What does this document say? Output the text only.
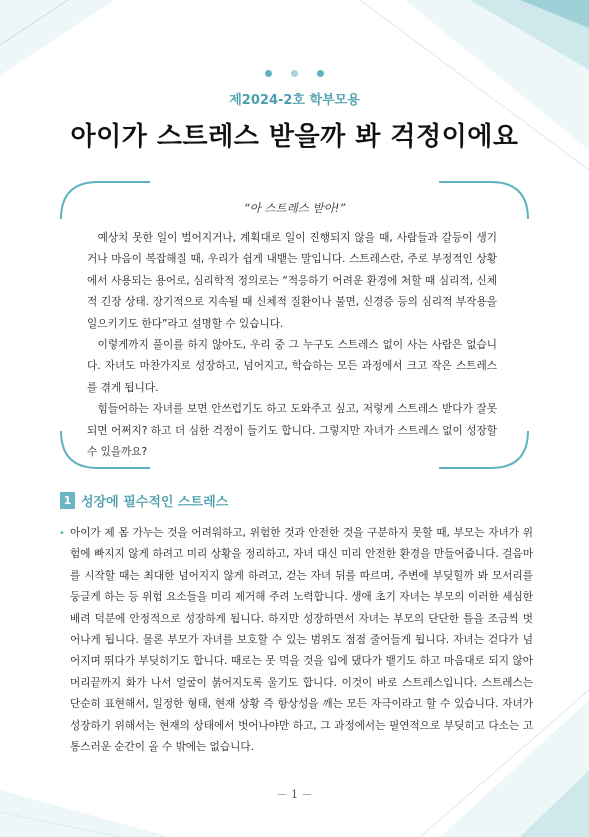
제2024-2호 학부모용
아이가 스트레스 받을까 봐 걱정이에요
“아 스트레스 받아!”

예상치 못한 일이 벌어지거나, 계획대로 일이 진행되지 않을 때, 사람들과 갈등이 생기거나 마음이 복잡해질 때, 우리가 쉽게 내뱉는 말입니다. 스트레스란, 주로 부정적인 상황에서 사용되는 용어로, 심리학적 정의로는 “적응하기 어려운 환경에 처할 때 심리적, 신체적 긴장 상태. 장기적으로 지속될 때 신체적 질환이나 불면, 신경증 등의 심리적 부작용을 일으키기도 한다”라고 설명할 수 있습니다.

이렇게까지 풀이를 하지 않아도, 우리 중 그 누구도 스트레스 없이 사는 사람은 없습니다. 자녀도 마찬가지로 성장하고, 넘어지고, 학습하는 모든 과정에서 크고 작은 스트레스를 겪게 됩니다.

힘들어하는 자녀를 보면 안쓰럽기도 하고 도와주고 싶고, 저렇게 스트레스 받다가 잘못되면 어쩌지? 하고 더 심한 걱정이 들기도 합니다. 그렇지만 자녀가 스트레스 없이 성장할 수 있을까요?

1 성장에 필수적인 스트레스
• 아이가 제 몸 가누는 것을 어려워하고, 위험한 것과 안전한 것을 구분하지 못할 때, 부모는 자녀가 위험에 빠지지 않게 하려고 미리 상황을 정리하고, 자녀 대신 미리 안전한 환경을 만들어줍니다. 걸음마를 시작할 때는 최대한 넘어지지 않게 하려고, 걷는 자녀 뒤를 따르며, 주변에 부딪힐까 봐 모서리를 둥글게 하는 등 위험 요소들을 미리 제거해 주려 노력합니다. 생애 초기 자녀는 부모의 이러한 세심한 배려 덕분에 안정적으로 성장하게 됩니다. 하지만 성장하면서 자녀는 부모의 단단한 틀을 조금씩 벗어나게 됩니다. 물론 부모가 자녀를 보호할 수 있는 범위도 점점 줄어들게 됩니다. 자녀는 걷다가 넘어지며 뛰다가 부딪히기도 합니다. 때로는 못 먹을 것을 입에 댔다가 뱉기도 하고 마음대로 되지 않아 머리끝까지 화가 나서 얼굴이 붉어지도록 울기도 합니다. 이것이 바로 스트레스입니다. 스트레스는 단순히 표현해서, 일정한 형태, 현재 상황 즉 항상성을 깨는 모든 자극이라고 할 수 있습니다. 자녀가 성장하기 위해서는 현재의 상태에서 벗어나야만 하고, 그 과정에서는 필연적으로 부딪히고 다소는 고통스러운 순간이 올 수 밖에는 없습니다.

－ 1 －
